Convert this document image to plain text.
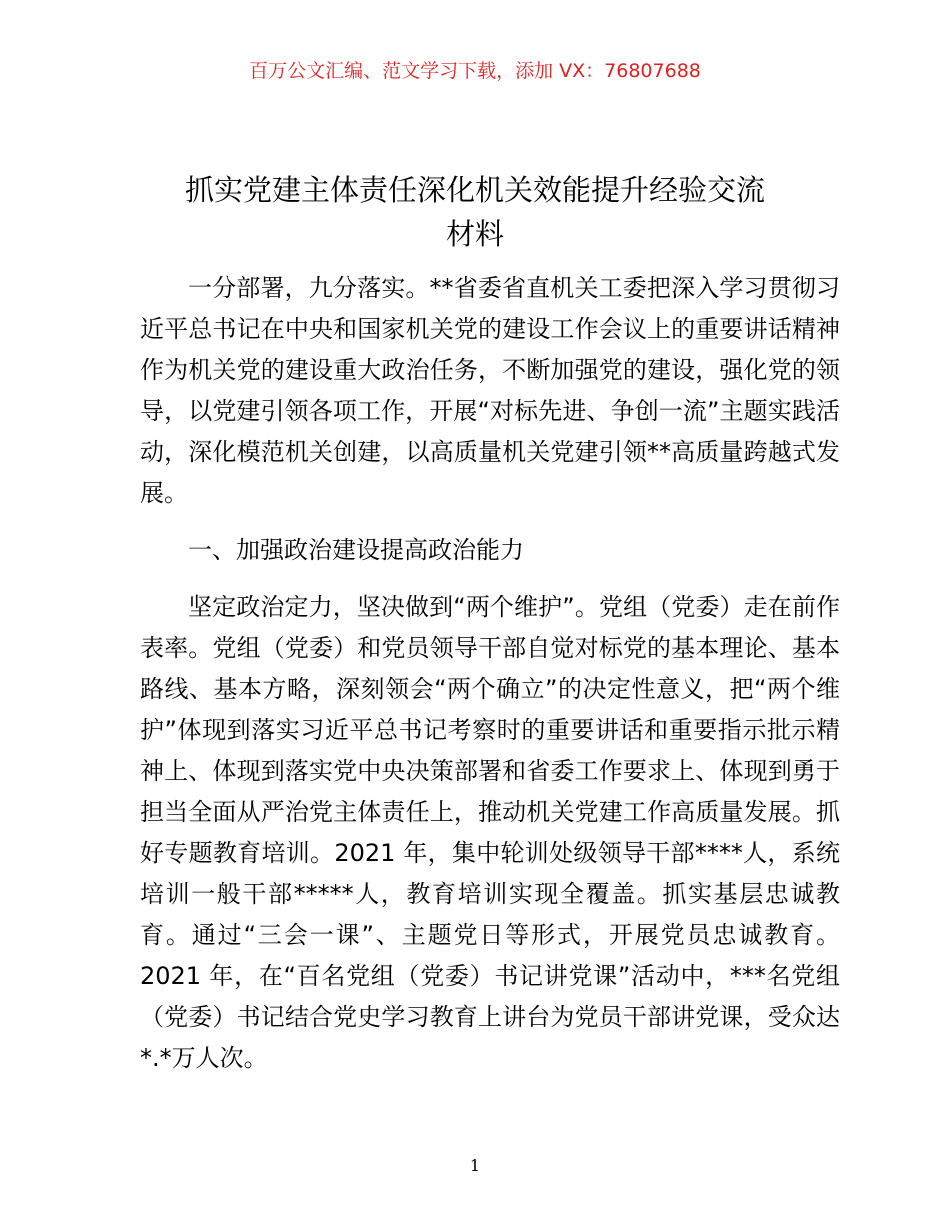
百万公文汇编、范文学习下载，添加 VX：76807688
抓实党建主体责任深化机关效能提升经验交流
材料

一分部署，九分落实。**省委省直机关工委把深入学习贯彻习近平总书记在中央和国家机关党的建设工作会议上的重要讲话精神作为机关党的建设重大政治任务，不断加强党的建设，强化党的领导，以党建引领各项工作，开展“对标先进、争创一流”主题实践活动，深化模范机关创建，以高质量机关党建引领**高质量跨越式发展。

一、加强政治建设提高政治能力

坚定政治定力，坚决做到“两个维护”。党组（党委）走在前作表率。党组（党委）和党员领导干部自觉对标党的基本理论、基本路线、基本方略，深刻领会“两个确立”的决定性意义，把“两个维护”体现到落实习近平总书记考察时的重要讲话和重要指示批示精神上、体现到落实党中央决策部署和省委工作要求上、体现到勇于担当全面从严治党主体责任上，推动机关党建工作高质量发展。抓好专题教育培训。2021 年，集中轮训处级领导干部****人，系统培训一般干部*****人，教育培训实现全覆盖。抓实基层忠诚教育。通过“三会一课”、主题党日等形式，开展党员忠诚教育。2021 年，在“百名党组（党委）书记讲党课”活动中，***名党组（党委）书记结合党史学习教育上讲台为党员干部讲党课，受众达*.*万人次。

1
